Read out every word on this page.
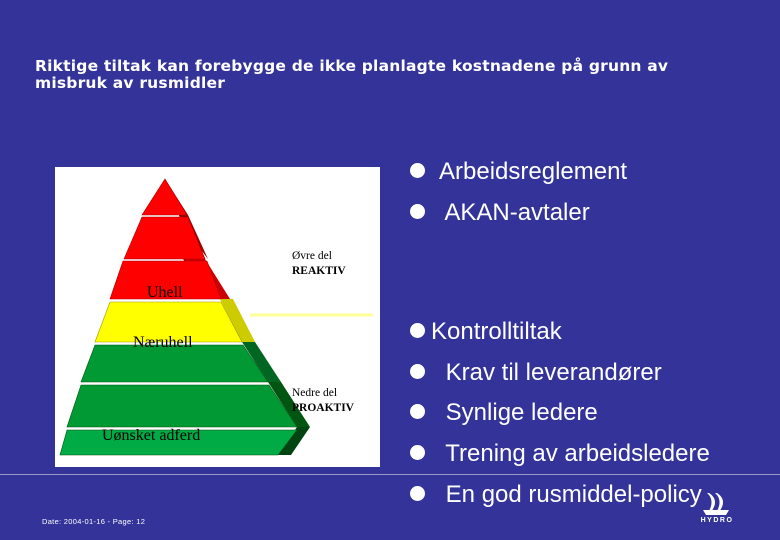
Riktige tiltak kan forebygge de ikke planlagte kostnadene på grunn av misbruk av rusmidler
Øvre del
REAKTIV
Nedre del
PROAKTIV
Uhell
Næruhell
Uønsket adferd
Arbeidsreglement
AKAN-avtaler
Kontrolltiltak
Krav til leverandører
Synlige ledere
Trening av arbeidsledere
En god rusmiddel-policy
HYDRO
Date: 2004-01-16 - Page: 12
